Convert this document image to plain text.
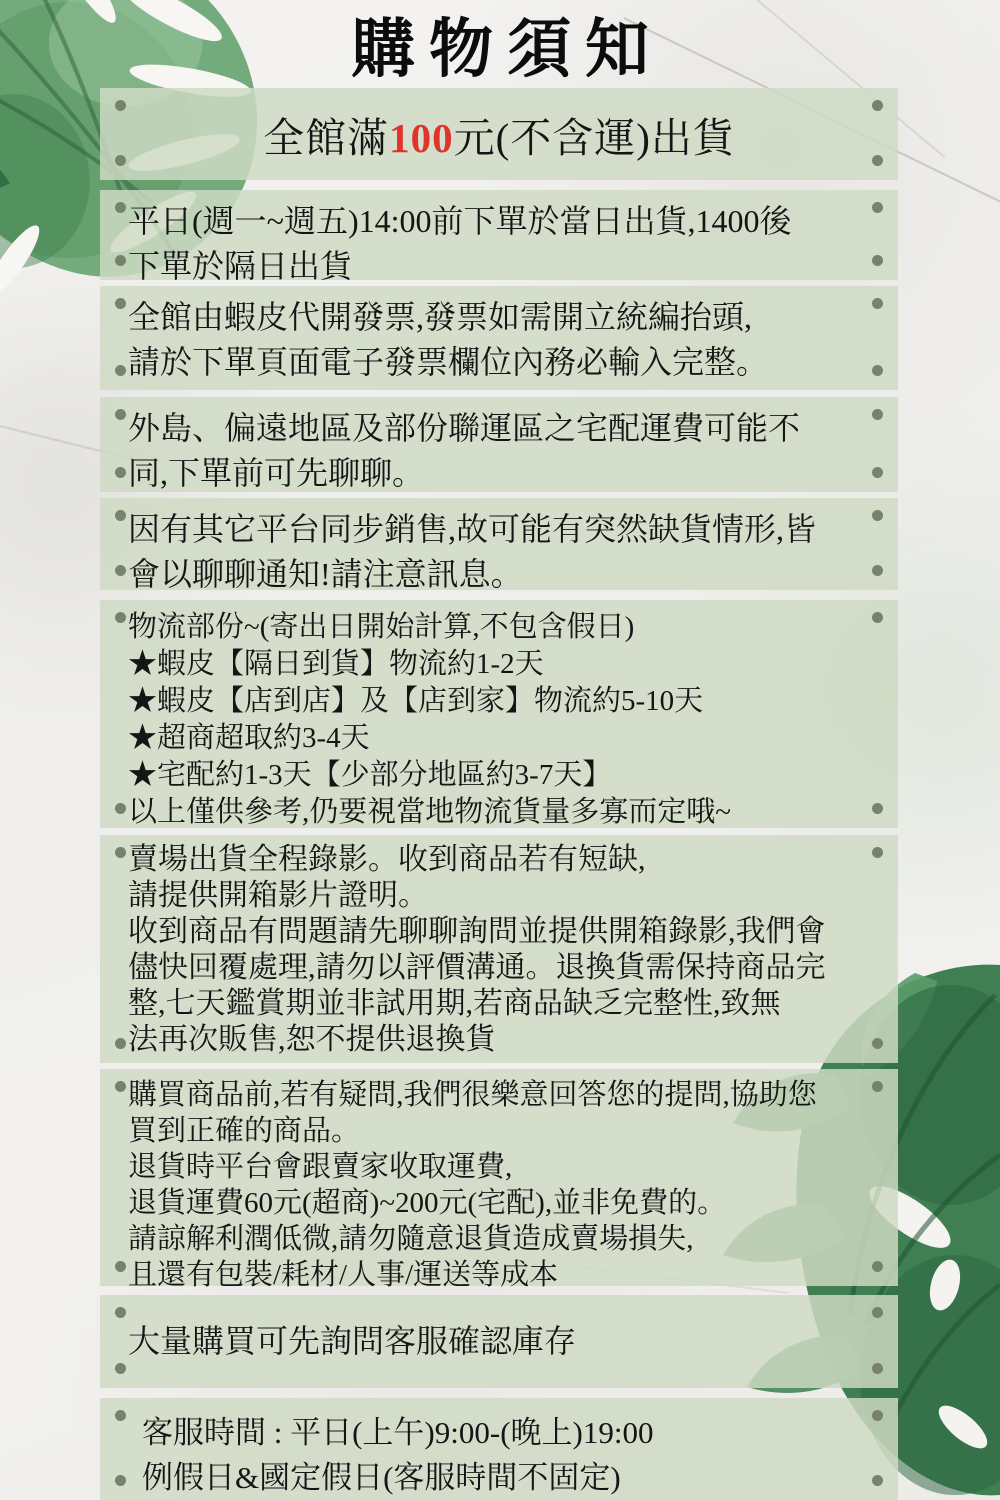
購物須知
全館滿100元(不含運)出貨
平日(週一~週五)14:00前下單於當日出貨,1400後
下單於隔日出貨
全館由蝦皮代開發票,發票如需開立統編抬頭,
請於下單頁面電子發票欄位內務必輸入完整。
外島、偏遠地區及部份聯運區之宅配運費可能不
同,下單前可先聊聊。
因有其它平台同步銷售,故可能有突然缺貨情形,皆
會以聊聊通知!請注意訊息。
物流部份~(寄出日開始計算,不包含假日)
★蝦皮【隔日到貨】物流約1-2天
★蝦皮【店到店】及【店到家】物流約5-10天
★超商超取約3-4天
★宅配約1-3天【少部分地區約3-7天】
以上僅供參考,仍要視當地物流貨量多寡而定哦~
賣場出貨全程錄影。收到商品若有短缺,
請提供開箱影片證明。
收到商品有問題請先聊聊詢問並提供開箱錄影,我們會
儘快回覆處理,請勿以評價溝通。退換貨需保持商品完
整,七天鑑賞期並非試用期,若商品缺乏完整性,致無
法再次販售,恕不提供退換貨
購買商品前,若有疑問,我們很樂意回答您的提問,協助您
買到正確的商品。
退貨時平台會跟賣家收取運費,
退貨運費60元(超商)~200元(宅配),並非免費的。
請諒解利潤低微,請勿隨意退貨造成賣場損失,
且還有包裝/耗材/人事/運送等成本
大量購買可先詢問客服確認庫存
客服時間 : 平日(上午)9:00-(晚上)19:00
例假日&國定假日(客服時間不固定)
